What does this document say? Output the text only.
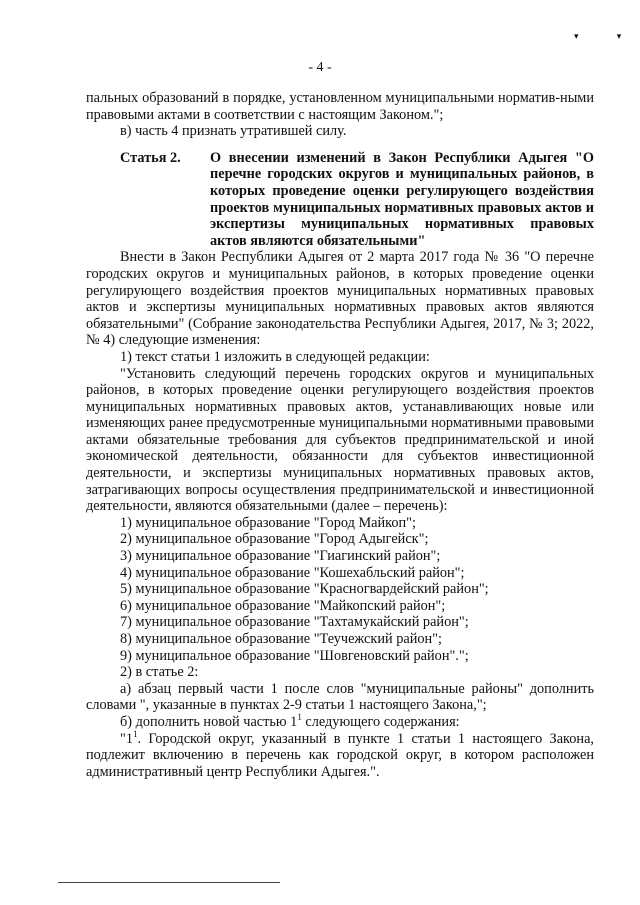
▾ ▾
- 4 -

пальных образований в порядке, установленном муниципальными норматив-ными правовыми актами в соответствии с настоящим Законом.";

в) часть 4 признать утратившей силу.

Статья 2.	О внесении изменений в Закон Республики Адыгея "О перечне городских округов и муниципальных районов, в которых проведение оценки регулирующего воздействия проектов муниципальных нормативных правовых актов и экспертизы муниципальных нормативных правовых актов являются обязательными"

Внести в Закон Республики Адыгея от 2 марта 2017 года № 36 "О перечне городских округов и муниципальных районов, в которых проведение оценки регулирующего воздействия проектов муниципальных нормативных правовых актов и экспертизы муниципальных нормативных правовых актов являются обязательными" (Собрание законодательства Республики Адыгея, 2017, № 3; 2022, № 4) следующие изменения:

1) текст статьи 1 изложить в следующей редакции:

"Установить следующий перечень городских округов и муниципальных районов, в которых проведение оценки регулирующего воздействия проектов муниципальных нормативных правовых актов, устанавливающих новые или изменяющих ранее предусмотренные муниципальными нормативными правовыми актами обязательные требования для субъектов предпринимательской и иной экономической деятельности, обязанности для субъектов инвестиционной деятельности, и экспертизы муниципальных нормативных правовых актов, затрагивающих вопросы осуществления предпринимательской и инвестиционной деятельности, являются обязательными (далее – перечень):

1) муниципальное образование "Город Майкоп";

2) муниципальное образование "Город Адыгейск";

3) муниципальное образование "Гиагинский район";

4) муниципальное образование "Кошехабльский район";

5) муниципальное образование "Красногвардейский район";

6) муниципальное образование "Майкопский район";

7) муниципальное образование "Тахтамукайский район";

8) муниципальное образование "Теучежский район";

9) муниципальное образование "Шовгеновский район".";

2) в статье 2:

а) абзац первый части 1 после слов "муниципальные районы" дополнить словами ", указанные в пунктах 2-9 статьи 1 настоящего Закона,";

б) дополнить новой частью $1^1$ следующего содержания:

"$1^1$. Городской округ, указанный в пункте 1 статьи 1 настоящего Закона, подлежит включению в перечень как городской округ, в котором расположен административный центр Республики Адыгея.".
